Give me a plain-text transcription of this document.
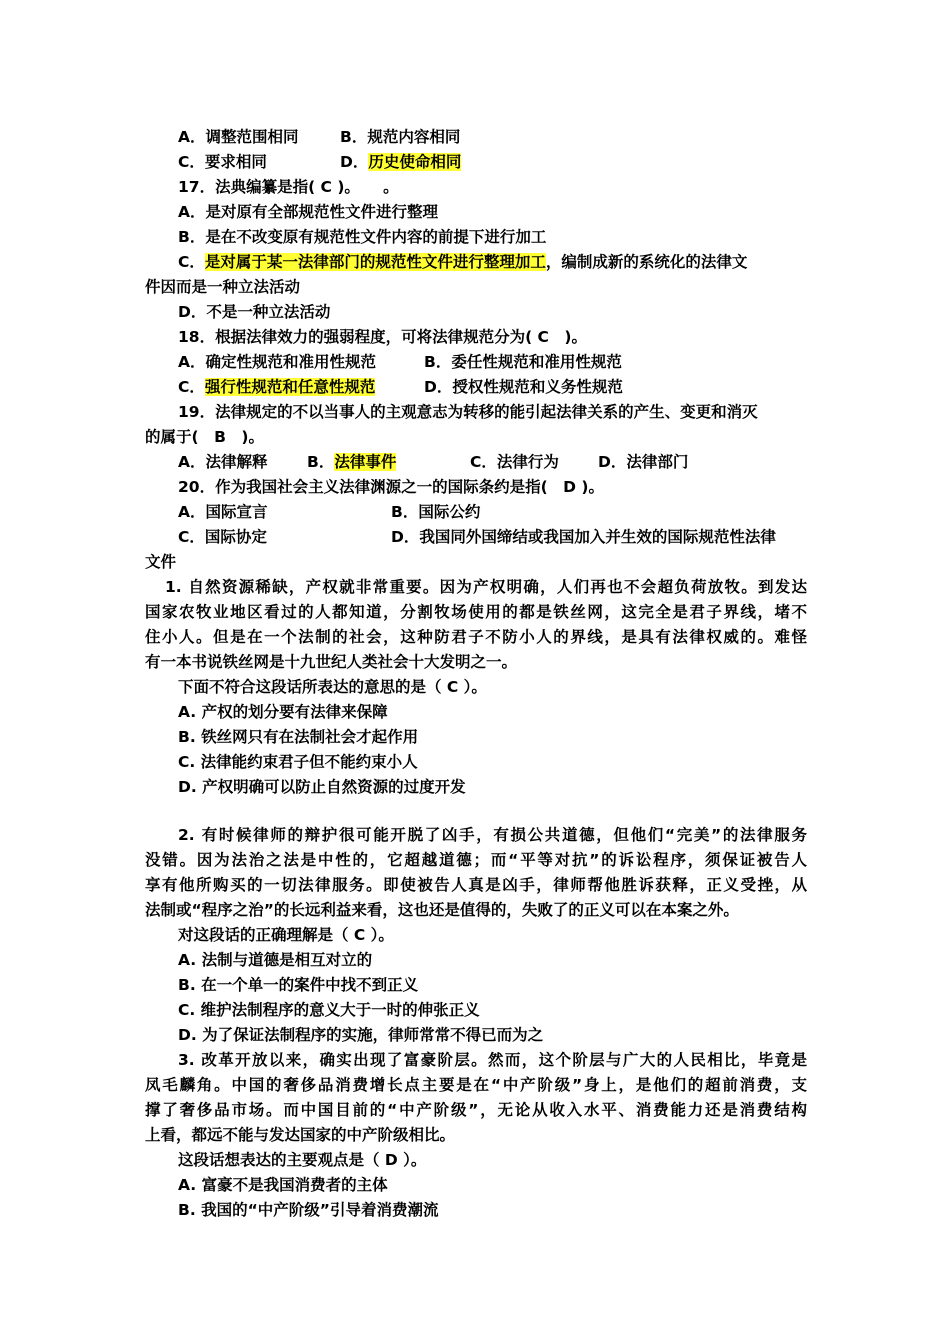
A．调整范围相同	B．规范内容相同
C．要求相同	D．历史使命相同
17．法典编纂是指( C )。　　。
A．是对原有全部规范性文件进行整理
B．是在不改变原有规范性文件内容的前提下进行加工
C．是对属于某一法律部门的规范性文件进行整理加工，编制成新的系统化的法律文
件因而是一种立法活动
D．不是一种立法活动
18．根据法律效力的强弱程度，可将法律规范分为( C　)。
A．确定性规范和准用性规范	B．委任性规范和准用性规范
C．强行性规范和任意性规范	D．授权性规范和义务性规范
19．法律规定的不以当事人的主观意志为转移的能引起法律关系的产生、变更和消灭
的属于(　B　)。
A．法律解释	B．法律事件	C．法律行为	D．法律部门
20．作为我国社会主义法律渊源之一的国际条约是指(　D )。
A．国际宣言	B．国际公约
C．国际协定	D．我国同外国缔结或我国加入并生效的国际规范性法律
文件
1. 自然资源稀缺，产权就非常重要。因为产权明确，人们再也不会超负荷放牧。到发达
国家农牧业地区看过的人都知道，分割牧场使用的都是铁丝网，这完全是君子界线，堵不
住小人。但是在一个法制的社会，这种防君子不防小人的界线，是具有法律权威的。难怪
有一本书说铁丝网是十九世纪人类社会十大发明之一。
下面不符合这段话所表达的意思的是（ C ）。
A. 产权的划分要有法律来保障
B. 铁丝网只有在法制社会才起作用
C. 法律能约束君子但不能约束小人
D. 产权明确可以防止自然资源的过度开发
2. 有时候律师的辩护很可能开脱了凶手，有损公共道德，但他们“完美”的法律服务
没错。因为法治之法是中性的，它超越道德；而“平等对抗”的诉讼程序，须保证被告人
享有他所购买的一切法律服务。即使被告人真是凶手，律师帮他胜诉获释，正义受挫，从
法制或“程序之治”的长远利益来看，这也还是值得的，失败了的正义可以在本案之外。
对这段话的正确理解是（ C ）。
A. 法制与道德是相互对立的
B. 在一个单一的案件中找不到正义
C. 维护法制程序的意义大于一时的伸张正义
D. 为了保证法制程序的实施，律师常常不得已而为之
3. 改革开放以来，确实出现了富豪阶层。然而，这个阶层与广大的人民相比，毕竟是
凤毛麟角。中国的奢侈品消费增长点主要是在“中产阶级”身上，是他们的超前消费，支
撑了奢侈品市场。而中国目前的“中产阶级”，无论从收入水平、消费能力还是消费结构
上看，都远不能与发达国家的中产阶级相比。
这段话想表达的主要观点是（ D ）。
A. 富豪不是我国消费者的主体
B. 我国的“中产阶级”引导着消费潮流
